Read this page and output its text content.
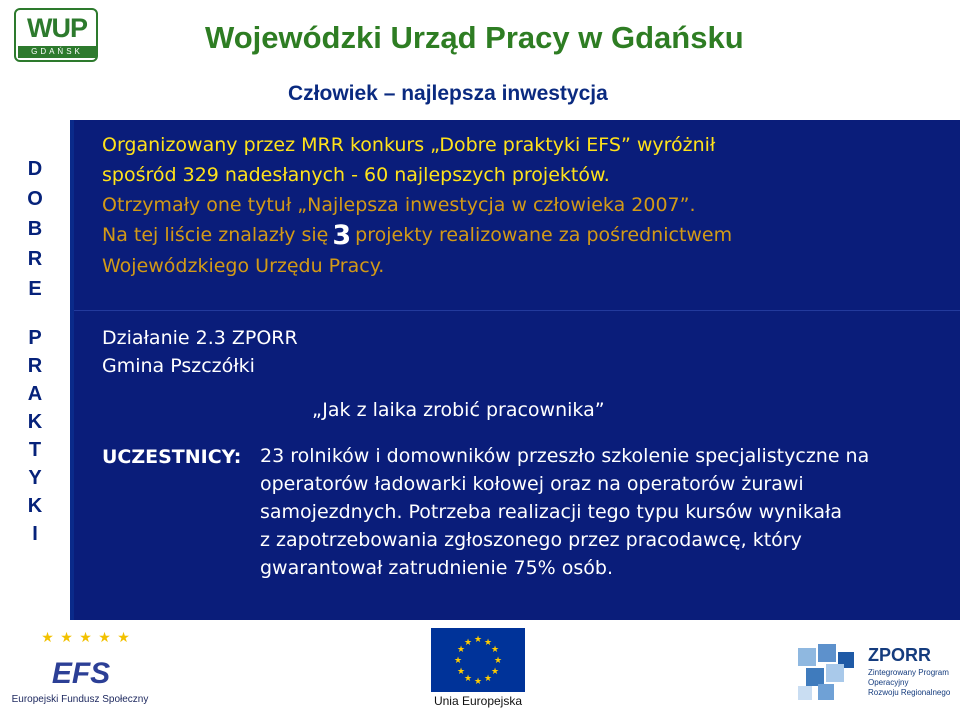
WUP
GDAŃSK	Wojewódzki Urząd Pracy w Gdańsku
Człowiek – najlepsza inwestycja
D
O
B
R
E
P
R
A
K
T
Y
K
I
Organizowany przez MRR konkurs „Dobre praktyki EFS” wyróżnił
spośród 329 nadesłanych - 60 najlepszych projektów.
Otrzymały one tytuł „Najlepsza inwestycja w człowieka 2007”.
Na tej liście znalazły się 3 projekty realizowane za pośrednictwem
Wojewódzkiego Urzędu Pracy.
Działanie 2.3 ZPORR
Gmina Pszczółki
„Jak z laika zrobić pracownika”
UCZESTNICY: 23 rolników i domowników przeszło szkolenie specjalistyczne na
operatorów ładowarki kołowej oraz na operatorów żurawi
samojezdnych. Potrzeba realizacji tego typu kursów wynikała
z zapotrzebowania zgłoszonego przez pracodawcę, który
gwarantował zatrudnienie 75% osób.
★ ★ ★ ★ ★
EFS
Europejski Fundusz Społeczny
★ ★
★
★
★
★
★
★
★
★
★
★
Unia Europejska
ZPORR
Zintegrowany Program
Operacyjny
Rozwoju Regionalnego
